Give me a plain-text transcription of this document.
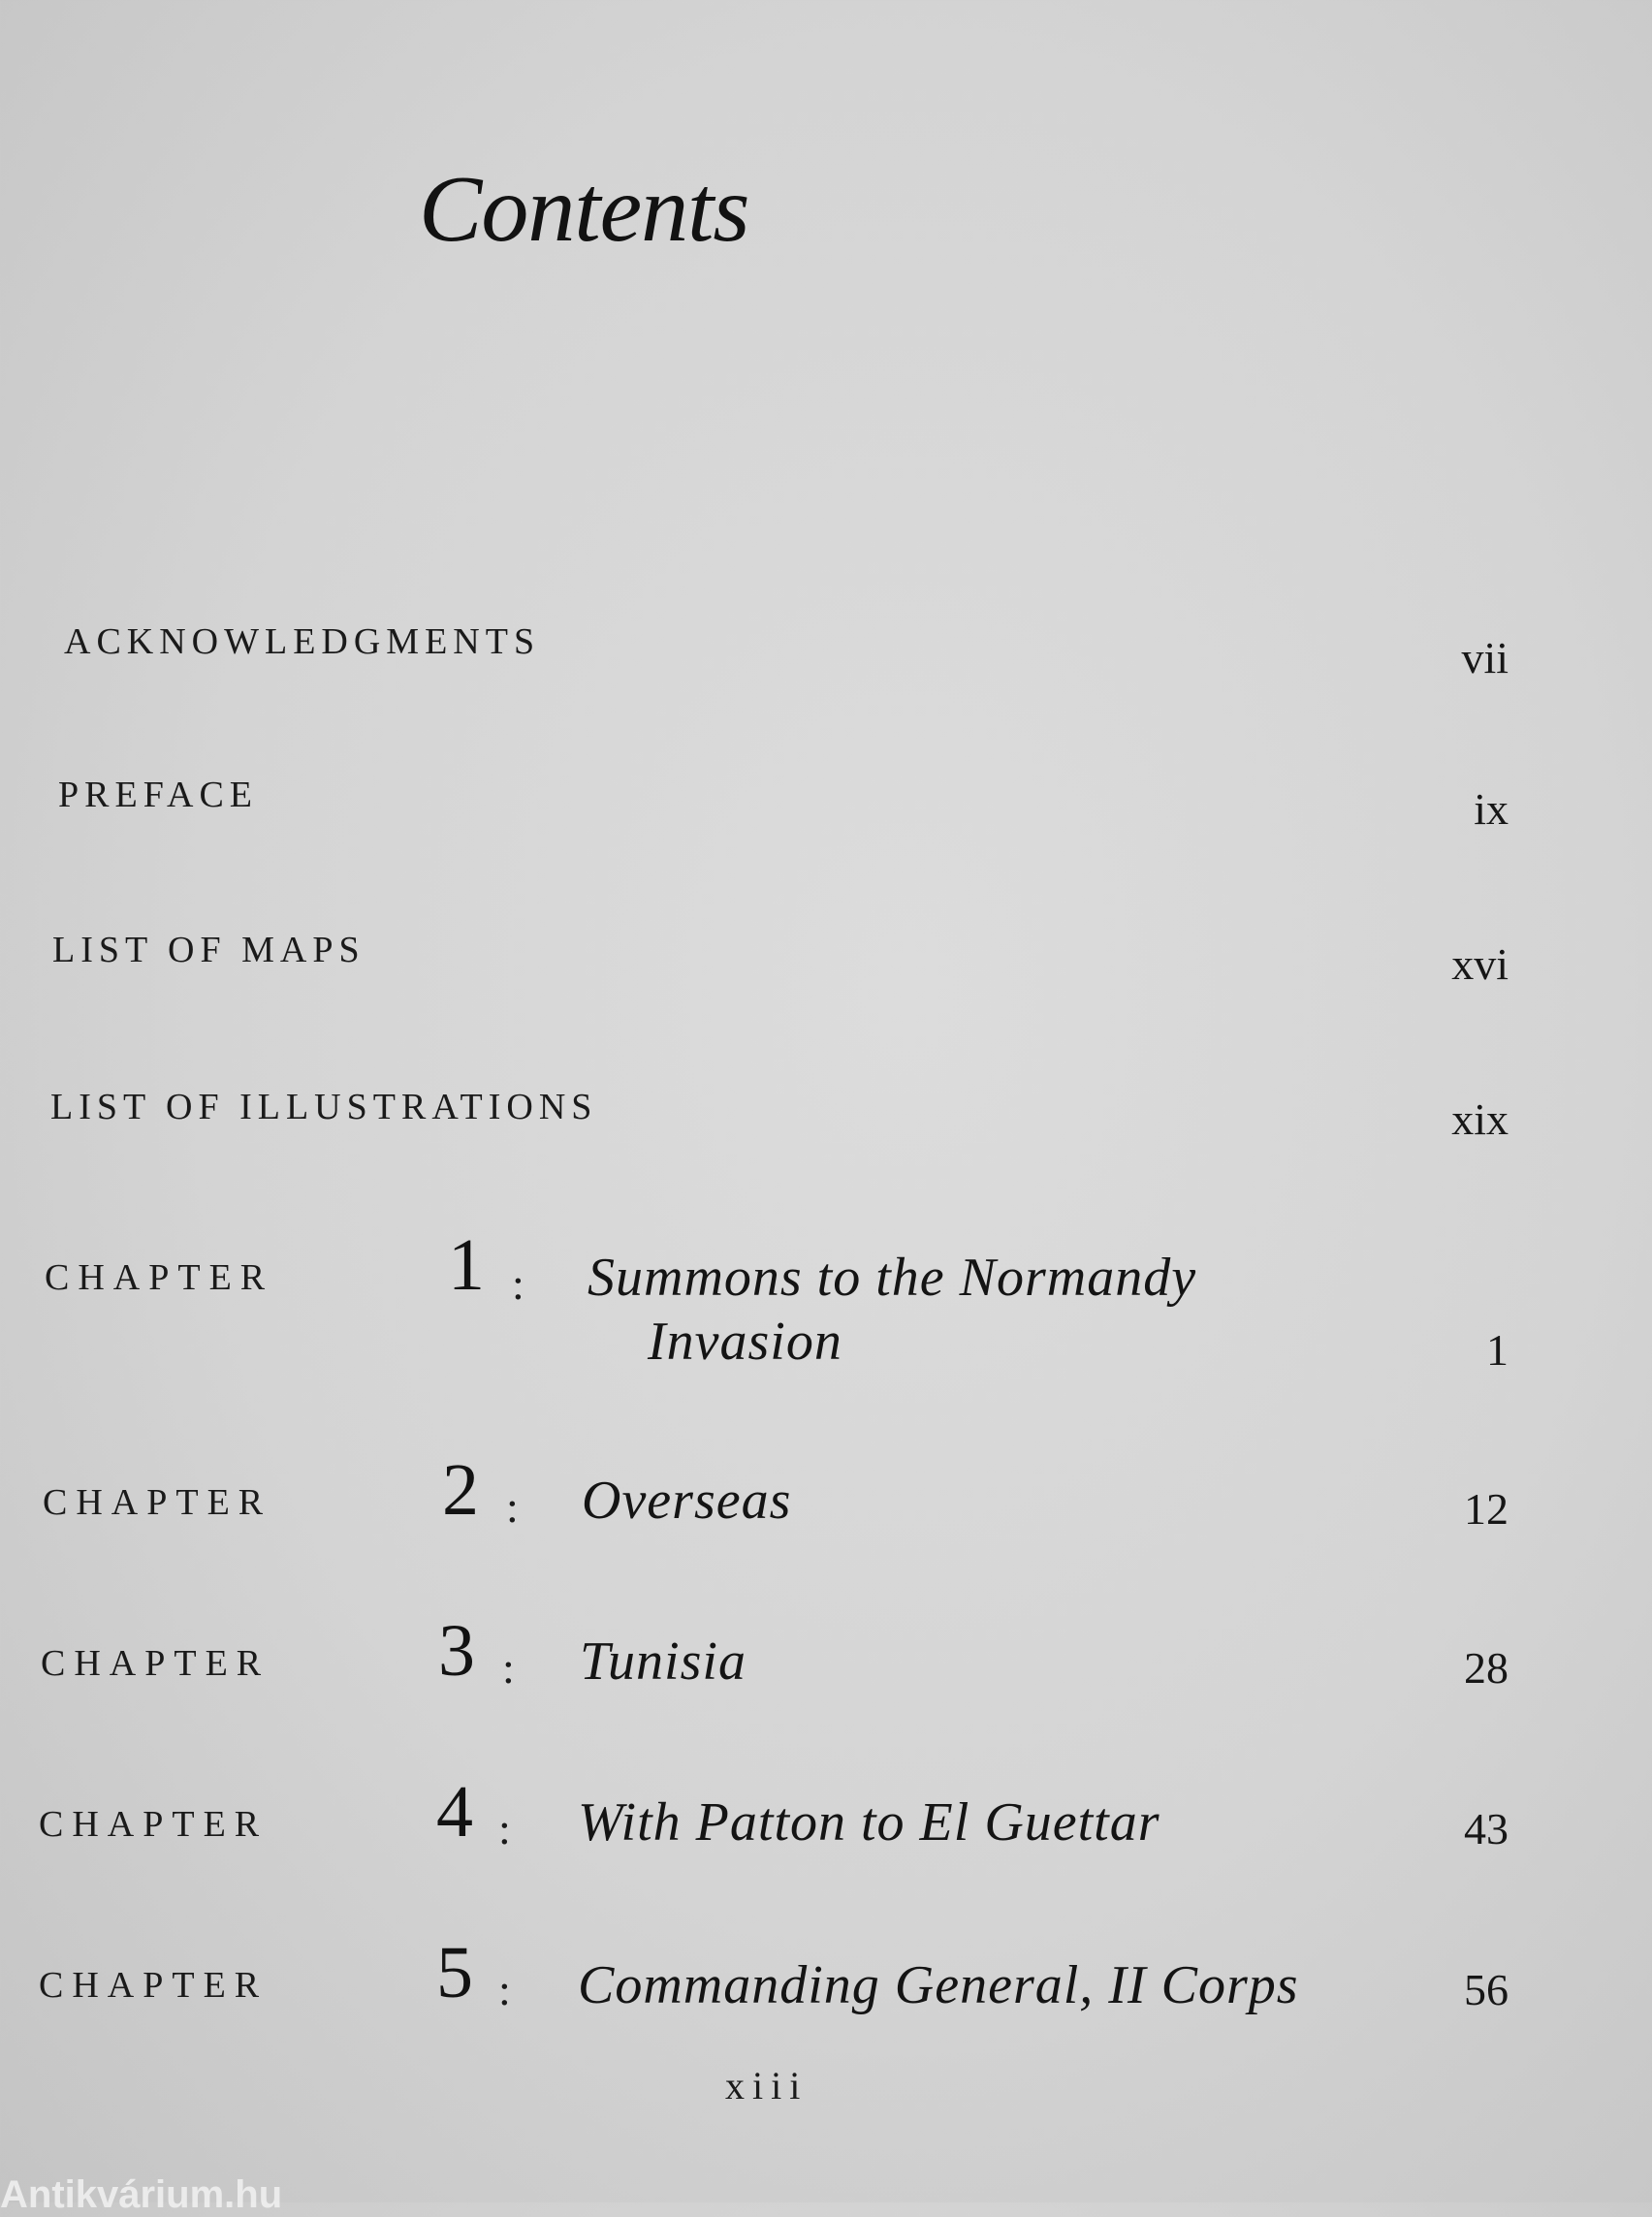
Contents
ACKNOWLEDGMENTS	vii
PREFACE	ix
LIST OF MAPS	xvi
LIST OF ILLUSTRATIONS	xix
CHAPTER 1 : Summons to the Normandy
Invasion	1
CHAPTER 2 : Overseas	12
CHAPTER 3 : Tunisia	28
CHAPTER 4 : With Patton to El Guettar	43
CHAPTER 5 : Commanding General, II Corps	56
xiii
Antikvárium.hu
